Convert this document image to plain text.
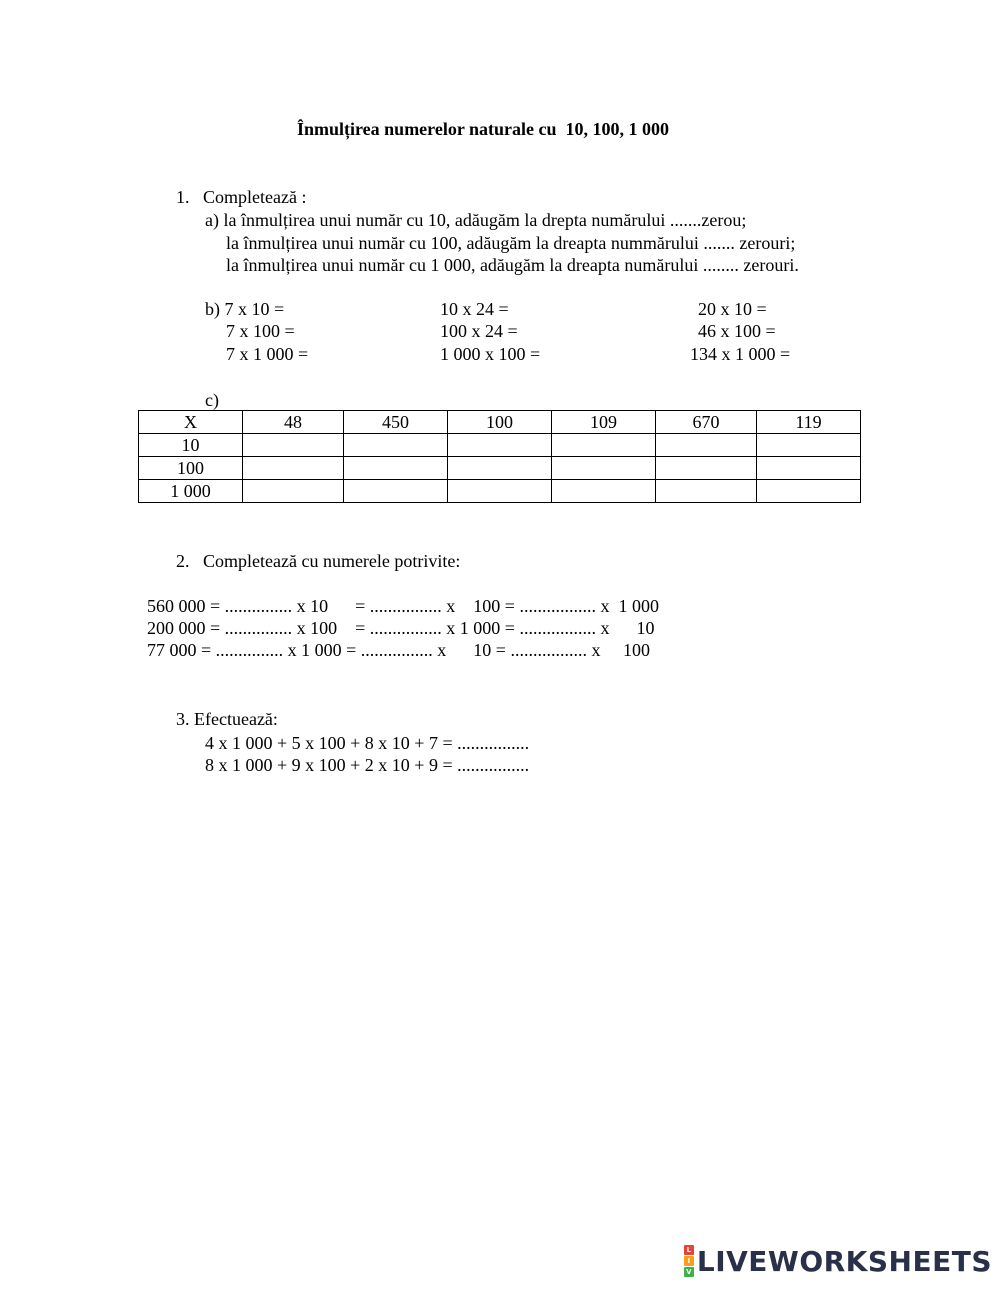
Înmulțirea numerelor naturale cu  10, 100, 1 000
1.   Completează :
a) la înmulțirea unui număr cu 10, adăugăm la drepta numărului .......zerou;
la înmulțirea unui număr cu 100, adăugăm la dreapta nummărului ....... zerouri;
la înmulțirea unui număr cu 1 000, adăugăm la dreapta numărului ........ zerouri.
b) 7 x 10 =	10 x 24 =	20 x 10 =
7 x 100 =	100 x 24 =	46 x 100 =
7 x 1 000 =	1 000 x 100 =	134 x 1 000 =
c)
X	48	450	100	109	670	119
10						
100						
1 000						
2.   Completează cu numerele potrivite:
560 000 = ............... x 10      = ................ x    100 = ................. x  1 000
200 000 = ............... x 100    = ................ x 1 000 = ................. x      10
77 000 = ............... x 1 000 = ................ x      10 = ................. x     100
3. Efectuează:
4 x 1 000 + 5 x 100 + 8 x 10 + 7 = ................
8 x 1 000 + 9 x 100 + 2 x 10 + 9 = ................
L
I
V LIVEWORKSHEETS
